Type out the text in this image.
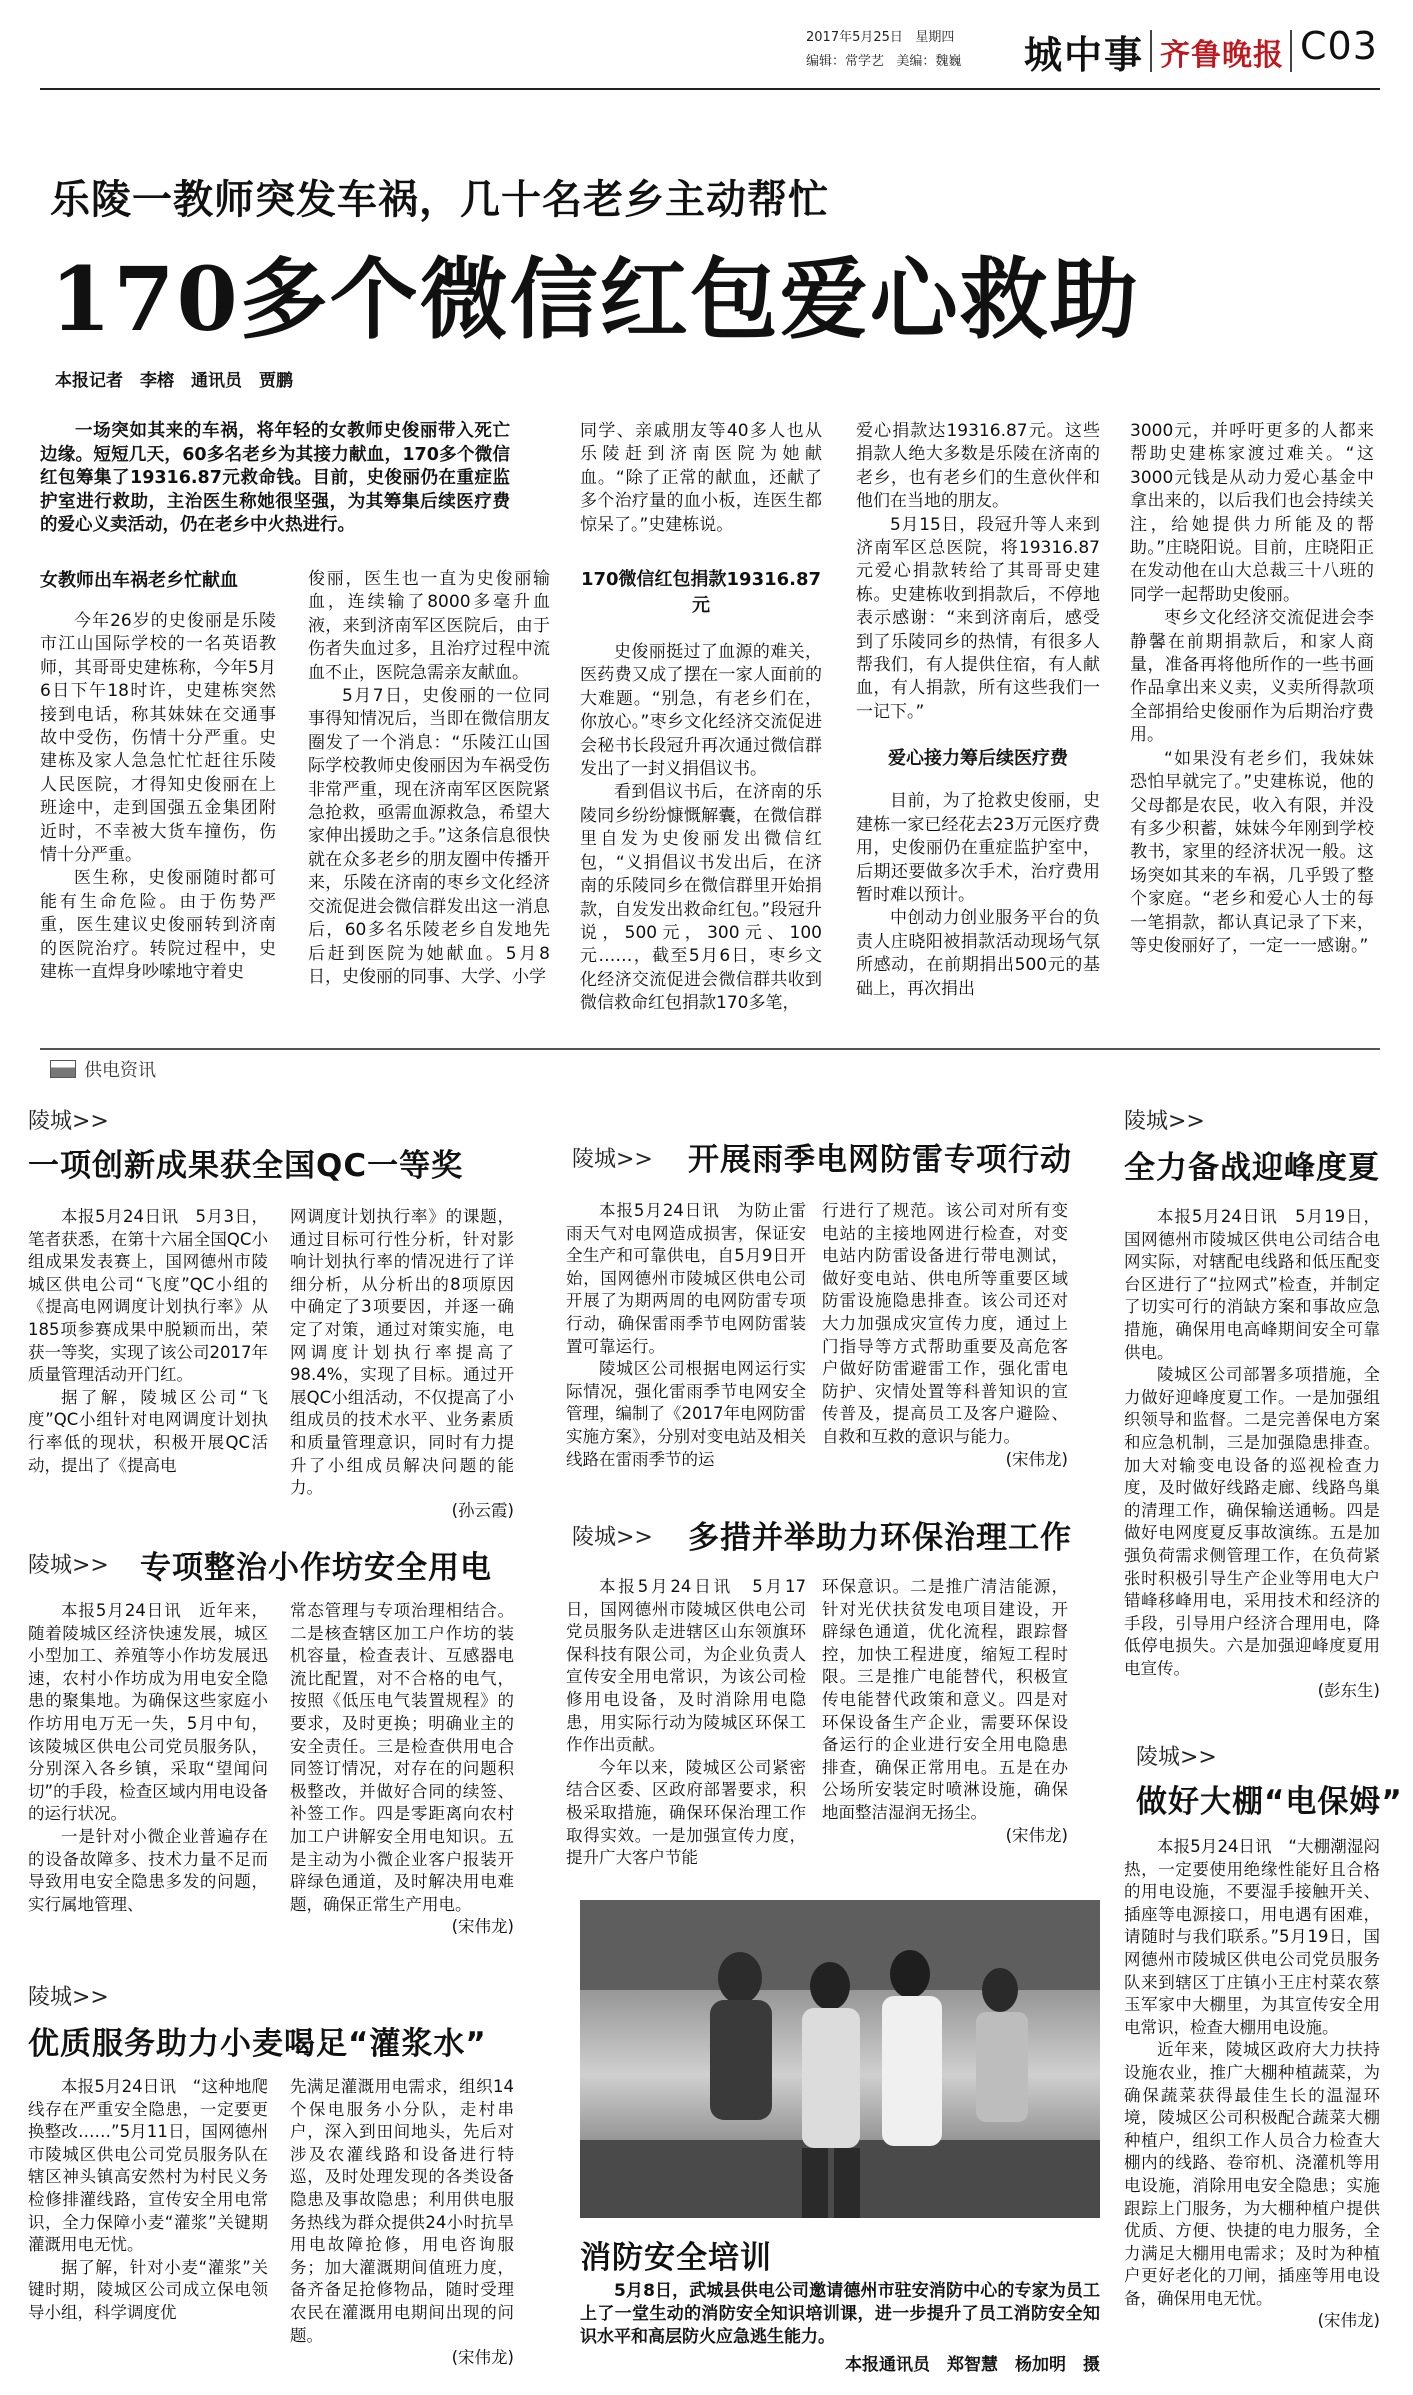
2017年5月25日 星期四
编辑：常学艺 美编：魏巍 城中事 齐鲁晚报 C03
乐陵一教师突发车祸，几十名老乡主动帮忙
170多个微信红包爱心救助
本报记者　李榕　通讯员　贾鹏
一场突如其来的车祸，将年轻的女教师史俊丽带入死亡边缘。短短几天，60多名老乡为其接力献血，170多个微信红包筹集了19316.87元救命钱。目前，史俊丽仍在重症监护室进行救助，主治医生称她很坚强，为其筹集后续医疗费的爱心义卖活动，仍在老乡中火热进行。
女教师出车祸老乡忙献血

今年26岁的史俊丽是乐陵市江山国际学校的一名英语教师，其哥哥史建栋称，今年5月6日下午18时许，史建栋突然接到电话，称其妹妹在交通事故中受伤，伤情十分严重。史建栋及家人急急忙忙赶往乐陵人民医院，才得知史俊丽在上班途中，走到国强五金集团附近时，不幸被大货车撞伤，伤情十分严重。

医生称，史俊丽随时都可能有生命危险。由于伤势严重，医生建议史俊丽转到济南的医院治疗。转院过程中，史建栋一直焊身吵嗦地守着史

俊丽，医生也一直为史俊丽输血，连续输了8000多毫升血液，来到济南军区医院后，由于伤者失血过多，且治疗过程中流血不止，医院急需亲友献血。

5月7日，史俊丽的一位同事得知情况后，当即在微信朋友圈发了一个消息：“乐陵江山国际学校教师史俊丽因为车祸受伤非常严重，现在济南军区医院紧急抢救，亟需血源救急，希望大家伸出援助之手。”这条信息很快就在众多老乡的朋友圈中传播开来，乐陵在济南的枣乡文化经济交流促进会微信群发出这一消息后，60多名乐陵老乡自发地先后赶到医院为她献血。5月8日，史俊丽的同事、大学、小学

同学、亲戚朋友等40多人也从乐陵赶到济南医院为她献血。“除了正常的献血，还献了多个治疗量的血小板，连医生都惊呆了。”史建栋说。

170微信红包捐款19316.87元

史俊丽挺过了血源的难关，医药费又成了摆在一家人面前的大难题。“别急，有老乡们在，你放心。”枣乡文化经济交流促进会秘书长段冠升再次通过微信群发出了一封义捐倡议书。

看到倡议书后，在济南的乐陵同乡纷纷慷慨解囊，在微信群里自发为史俊丽发出微信红包，“义捐倡议书发出后，在济南的乐陵同乡在微信群里开始捐款，自发发出救命红包。”段冠升说，500元，300元、100元……，截至5月6日，枣乡文化经济交流促进会微信群共收到微信救命红包捐款170多笔，

爱心捐款达19316.87元。这些捐款人绝大多数是乐陵在济南的老乡，也有老乡们的生意伙伴和他们在当地的朋友。

5月15日，段冠升等人来到济南军区总医院，将19316.87元爱心捐款转给了其哥哥史建栋。史建栋收到捐款后，不停地表示感谢：“来到济南后，感受到了乐陵同乡的热情，有很多人帮我们，有人提供住宿，有人献血，有人捐款，所有这些我们一一记下。”

爱心接力筹后续医疗费

目前，为了抢救史俊丽，史建栋一家已经花去23万元医疗费用，史俊丽仍在重症监护室中，后期还要做多次手术，治疗费用暂时难以预计。

中创动力创业服务平台的负责人庄晓阳被捐款活动现场气氛所感动，在前期捐出500元的基础上，再次捐出

3000元，并呼吁更多的人都来帮助史建栋家渡过难关。“这3000元钱是从动力爱心基金中拿出来的，以后我们也会持续关注，给她提供力所能及的帮助。”庄晓阳说。目前，庄晓阳正在发动他在山大总裁三十八班的同学一起帮助史俊丽。

枣乡文化经济交流促进会李静馨在前期捐款后，和家人商量，准备再将他所作的一些书画作品拿出来义卖，义卖所得款项全部捐给史俊丽作为后期治疗费用。

“如果没有老乡们，我妹妹恐怕早就完了。”史建栋说，他的父母都是农民，收入有限，并没有多少积蓄，妹妹今年刚到学校教书，家里的经济状况一般。这场突如其来的车祸，几乎毁了整个家庭。“老乡和爱心人士的每一笔捐款，都认真记录了下来，等史俊丽好了，一定一一感谢。”

供电资讯
陵城>>
一项创新成果获全国QC一等奖

本报5月24日讯　5月3日，笔者获悉，在第十六届全国QC小组成果发表赛上，国网德州市陵城区供电公司“飞度”QC小组的《提高电网调度计划执行率》从185项参赛成果中脱颖而出，荣获一等奖，实现了该公司2017年质量管理活动开门红。

据了解，陵城区公司“飞度”QC小组针对电网调度计划执行率低的现状，积极开展QC活动，提出了《提高电

网调度计划执行率》的课题，通过目标可行性分析，针对影响计划执行率的情况进行了详细分析，从分析出的8项原因中确定了3项要因，并逐一确定了对策，通过对策实施，电网调度计划执行率提高了98.4%，实现了目标。通过开展QC小组活动，不仅提高了小组成员的技术水平、业务素质和质量管理意识，同时有力提升了小组成员解决问题的能力。

(孙云霞)
陵城>> 专项整治小作坊安全用电

本报5月24日讯　近年来，随着陵城区经济快速发展，城区小型加工、养殖等小作坊发展迅速，农村小作坊成为用电安全隐患的聚集地。为确保这些家庭小作坊用电万无一失，5月中旬，该陵城区供电公司党员服务队，分别深入各乡镇，采取“望闻问切”的手段，检查区域内用电设备的运行状况。

一是针对小微企业普遍存在的设备故障多、技术力量不足而导致用电安全隐患多发的问题，实行属地管理、

常态管理与专项治理相结合。二是核查辖区加工户作坊的装机容量，检查表计、互感器电流比配置，对不合格的电气，按照《低压电气装置规程》的要求，及时更换；明确业主的安全责任。三是检查供用电合同签订情况，对存在的问题积极整改，并做好合同的续签、补签工作。四是零距离向农村加工户讲解安全用电知识。五是主动为小微企业客户报装开辟绿色通道，及时解决用电难题，确保正常生产用电。

(宋伟龙)
陵城>>
优质服务助力小麦喝足“灌浆水”

本报5月24日讯　“这种地爬线存在严重安全隐患，一定要更换整改……”5月11日，国网德州市陵城区供电公司党员服务队在辖区神头镇高安然村为村民义务检修排灌线路，宣传安全用电常识，全力保障小麦“灌浆”关键期灌溉用电无忧。

据了解，针对小麦“灌浆”关键时期，陵城区公司成立保电领导小组，科学调度优

先满足灌溉用电需求，组织14个保电服务小分队，走村串户，深入到田间地头，先后对涉及农灌线路和设备进行特巡，及时处理发现的各类设备隐患及事故隐患；利用供电服务热线为群众提供24小时抗旱用电故障抢修，用电咨询服务；加大灌溉期间值班力度，备齐备足抢修物品，随时受理农民在灌溉用电期间出现的问题。

(宋伟龙)
陵城>> 开展雨季电网防雷专项行动

本报5月24日讯　为防止雷雨天气对电网造成损害，保证安全生产和可靠供电，自5月9日开始，国网德州市陵城区供电公司开展了为期两周的电网防雷专项行动，确保雷雨季节电网防雷装置可靠运行。

陵城区公司根据电网运行实际情况，强化雷雨季节电网安全管理，编制了《2017年电网防雷实施方案》，分别对变电站及相关线路在雷雨季节的运

行进行了规范。该公司对所有变电站的主接地网进行检查，对变电站内防雷设备进行带电测试，做好变电站、供电所等重要区域防雷设施隐患排查。该公司还对大力加强成灾宣传力度，通过上门指导等方式帮助重要及高危客户做好防雷避雷工作，强化雷电防护、灾情处置等科普知识的宣传普及，提高员工及客户避险、自救和互救的意识与能力。

(宋伟龙)
陵城>> 多措并举助力环保治理工作

本报5月24日讯　5月17日，国网德州市陵城区供电公司党员服务队走进辖区山东领旗环保科技有限公司，为企业负责人宣传安全用电常识，为该公司检修用电设备，及时消除用电隐患，用实际行动为陵城区环保工作作出贡献。

今年以来，陵城区公司紧密结合区委、区政府部署要求，积极采取措施，确保环保治理工作取得实效。一是加强宣传力度，提升广大客户节能

环保意识。二是推广清洁能源，针对光伏扶贫发电项目建设，开辟绿色通道，优化流程，跟踪督控，加快工程进度，缩短工程时限。三是推广电能替代，积极宣传电能替代政策和意义。四是对环保设备生产企业，需要环保设备运行的企业进行安全用电隐患排查，确保正常用电。五是在办公场所安装定时喷淋设施，确保地面整洁湿润无扬尘。

(宋伟龙)
消防安全培训
5月8日，武城县供电公司邀请德州市驻安消防中心的专家为员工上了一堂生动的消防安全知识培训课，进一步提升了员工消防安全知识水平和高层防火应急逃生能力。
本报通讯员　郑智慧　杨加明　摄
陵城>>
全力备战迎峰度夏

本报5月24日讯　5月19日，国网德州市陵城区供电公司结合电网实际，对辖配电线路和低压配变台区进行了“拉网式”检查，并制定了切实可行的消缺方案和事故应急措施，确保用电高峰期间安全可靠供电。

陵城区公司部署多项措施，全力做好迎峰度夏工作。一是加强组织领导和监督。二是完善保电方案和应急机制，三是加强隐患排查。加大对输变电设备的巡视检查力度，及时做好线路走廊、线路鸟巢的清理工作，确保输送通畅。四是做好电网度夏反事故演练。五是加强负荷需求侧管理工作，在负荷紧张时积极引导生产企业等用电大户错峰移峰用电，采用技术和经济的手段，引导用户经济合理用电，降低停电损失。六是加强迎峰度夏用电宣传。

(彭东生)
陵城>>
做好大棚“电保姆”

本报5月24日讯　“大棚潮湿闷热，一定要使用绝缘性能好且合格的用电设施，不要湿手接触开关、插座等电源接口，用电遇有困难，请随时与我们联系。”5月19日，国网德州市陵城区供电公司党员服务队来到辖区丁庄镇小王庄村菜农蔡玉军家中大棚里，为其宣传安全用电常识，检查大棚用电设施。

近年来，陵城区政府大力扶持设施农业，推广大棚种植蔬菜，为确保蔬菜获得最佳生长的温湿环境，陵城区公司积极配合蔬菜大棚种植户，组织工作人员合力检查大棚内的线路、卷帘机、浇灌机等用电设施，消除用电安全隐患；实施跟踪上门服务，为大棚种植户提供优质、方便、快捷的电力服务，全力满足大棚用电需求；及时为种植户更好老化的刀闸，插座等用电设备，确保用电无忧。

(宋伟龙)
